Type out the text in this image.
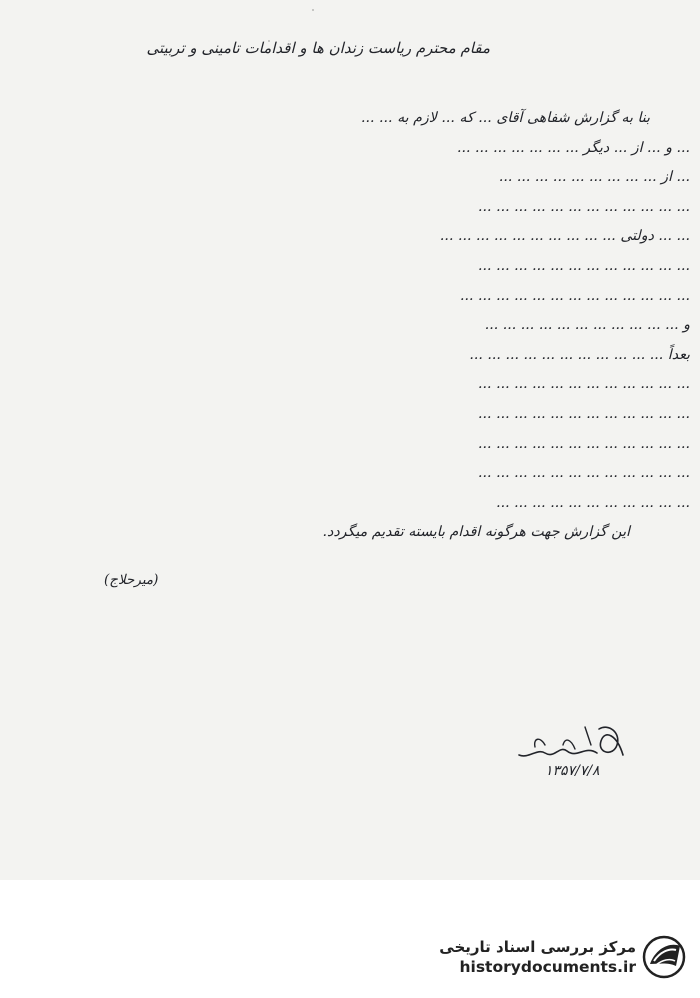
مقام محترم ریاست زندان ها و اقدامات تامینی و تربیتی
بنا به گزارش شفاهی آقای ... که ... لازم به ... ...
... و ... از ... دیگر ... ... ... ... ... ... ...
... از ... ... ... ... ... ... ... ... ...
... ... ... ... ... ... ... ... ... ... ... ...
... ... دولتی ... ... ... ... ... ... ... ... ... ...
... ... ... ... ... ... ... ... ... ... ... ...
... ... ... ... ... ... ... ... ... ... ... ... ...
و ... ... ... ... ... ... ... ... ... ... ...
بعداً ... ... ... ... ... ... ... ... ... ... ...
... ... ... ... ... ... ... ... ... ... ... ...
... ... ... ... ... ... ... ... ... ... ... ...
... ... ... ... ... ... ... ... ... ... ... ...
... ... ... ... ... ... ... ... ... ... ... ...
... ... ... ... ... ... ... ... ... ... ...
این گزارش جهت هرگونه اقدام بایسته تقدیم میگردد.
(میرحلاج)
۱۳۵۷/۷/۸
مرکز بررسی اسناد تاریخی
historydocuments.ir
